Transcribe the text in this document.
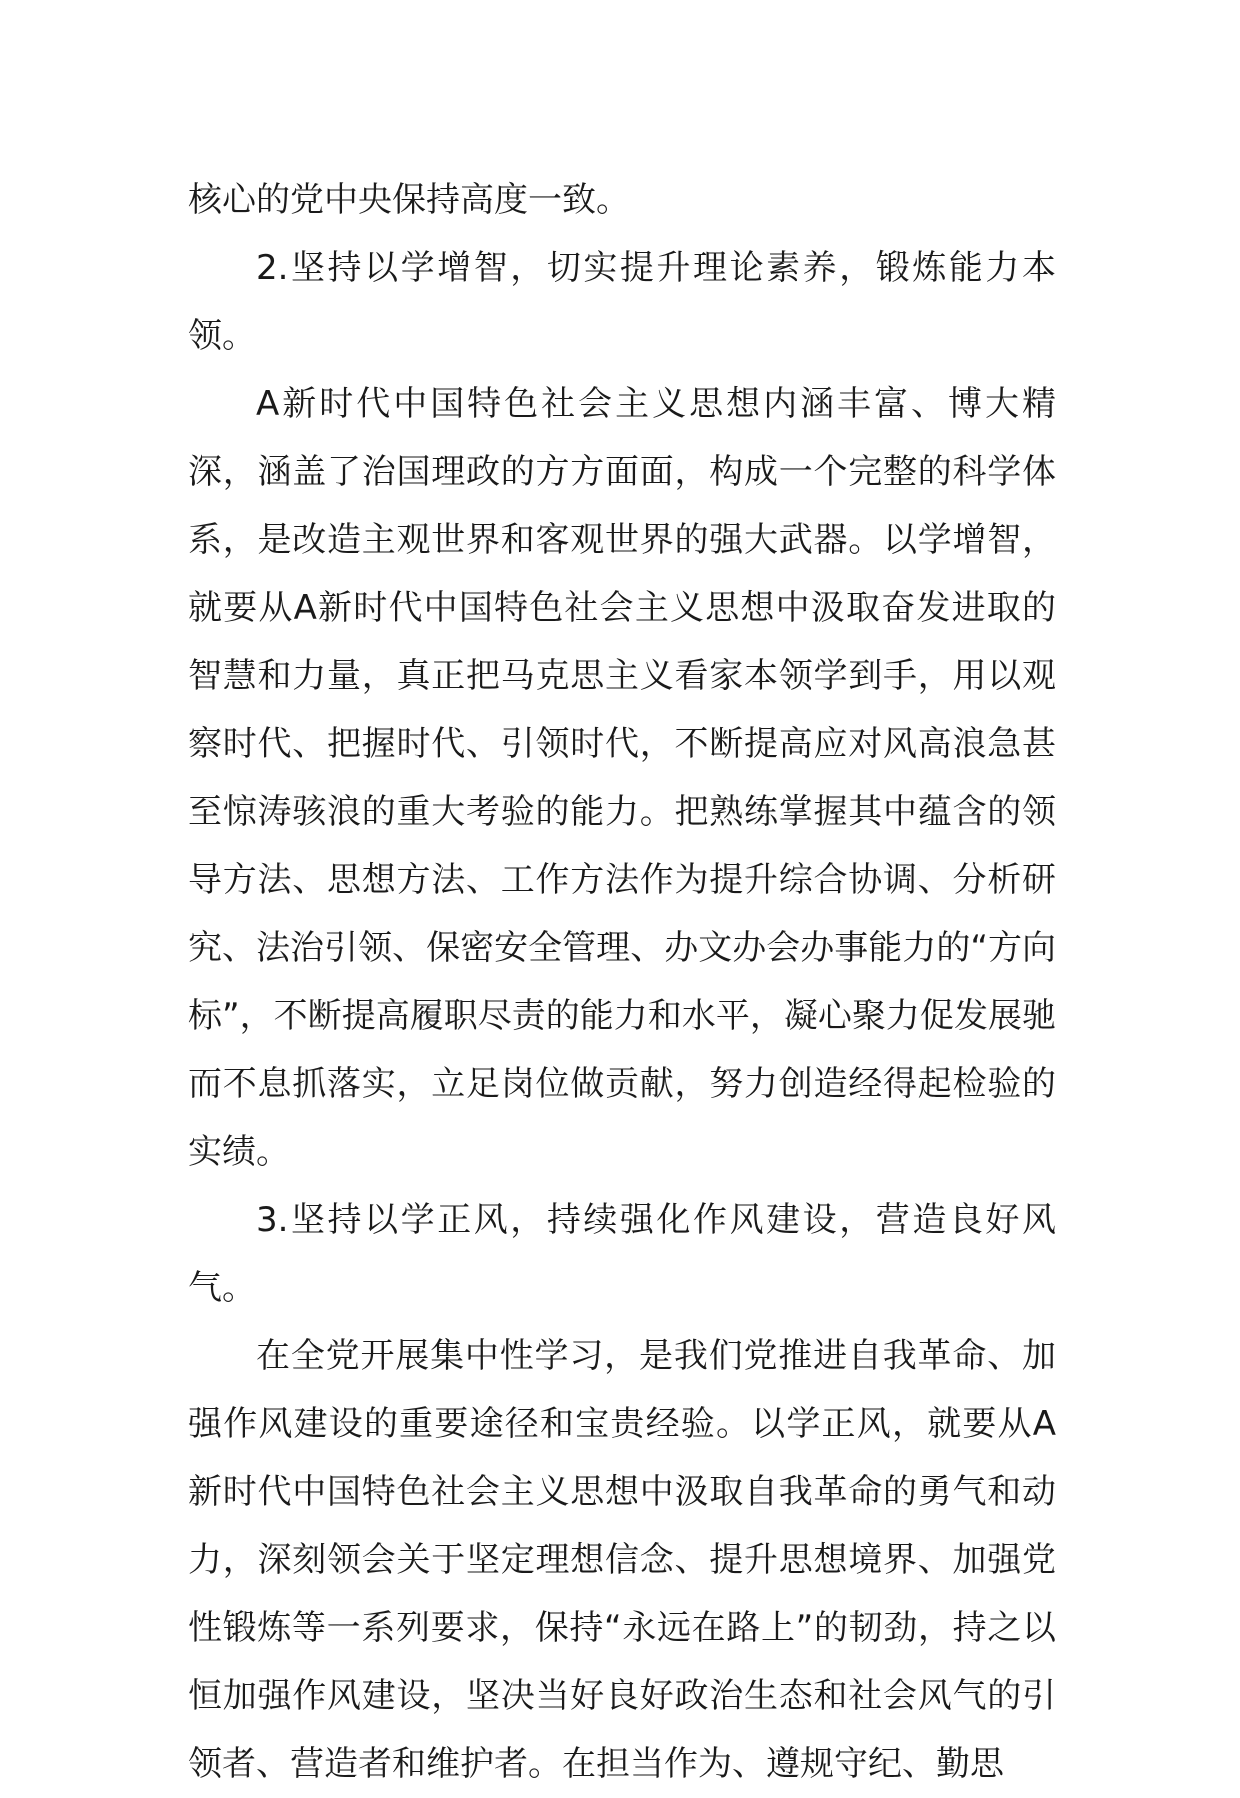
核心的党中央保持高度一致。

2.坚持以学增智，切实提升理论素养，锻炼能力本领。

A新时代中国特色社会主义思想内涵丰富、博大精深，涵盖了治国理政的方方面面，构成一个完整的科学体系，是改造主观世界和客观世界的强大武器。以学增智，就要从A新时代中国特色社会主义思想中汲取奋发进取的智慧和力量，真正把马克思主义看家本领学到手，用以观察时代、把握时代、引领时代，不断提高应对风高浪急甚至惊涛骇浪的重大考验的能力。把熟练掌握其中蕴含的领导方法、思想方法、工作方法作为提升综合协调、分析研究、法治引领、保密安全管理、办文办会办事能力的“方向标”，不断提高履职尽责的能力和水平，凝心聚力促发展驰而不息抓落实，立足岗位做贡献，努力创造经得起检验的实绩。

3.坚持以学正风，持续强化作风建设，营造良好风气。

在全党开展集中性学习，是我们党推进自我革命、加强作风建设的重要途径和宝贵经验。以学正风，就要从A新时代中国特色社会主义思想中汲取自我革命的勇气和动力，深刻领会关于坚定理想信念、提升思想境界、加强党性锻炼等一系列要求，保持“永远在路上”的韧劲，持之以恒加强作风建设，坚决当好良好政治生态和社会风气的引领者、营造者和维护者。在担当作为、遵规守纪、勤思
